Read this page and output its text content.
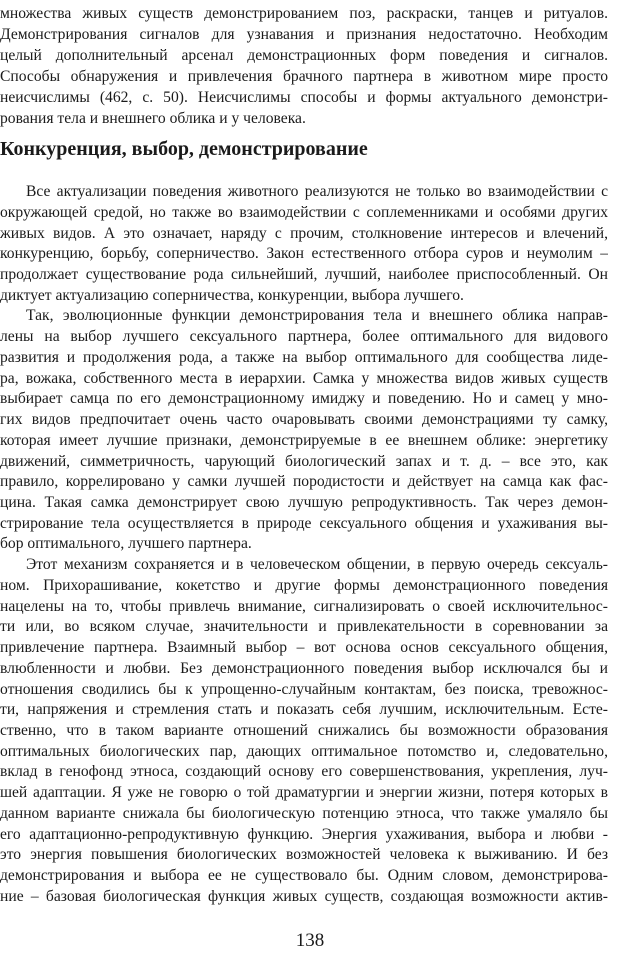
множества живых существ демонстрированием поз, раскраски, танцев и ритуалов.
Демонстрирования сигналов для узнавания и признания недостаточно. Необходим
целый дополнительный арсенал демонстрационных форм поведения и сигналов.
Способы обнаружения и привлечения брачного партнера в животном мире просто
неисчислимы (462, с. 50). Неисчислимы способы и формы актуального демонстри-
рования тела и внешнего облика и у человека.
Конкуренция, выбор, демонстрирование
Все актуализации поведения животного реализуются не только во взаимодействии с
окружающей средой, но также во взаимодействии с соплеменниками и особями других
живых видов. А это означает, наряду с прочим, столкновение интересов и влечений,
конкуренцию, борьбу, соперничество. Закон естественного отбора суров и неумолим –
продолжает существование рода сильнейший, лучший, наиболее приспособленный. Он
диктует актуализацию соперничества, конкуренции, выбора лучшего.
Так, эволюционные функции демонстрирования тела и внешнего облика направ-
лены на выбор лучшего сексуального партнера, более оптимального для видового
развития и продолжения рода, а также на выбор оптимального для сообщества лиде-
ра, вожака, собственного места в иерархии. Самка у множества видов живых существ
выбирает самца по его демонстрационному имиджу и поведению. Но и самец у мно-
гих видов предпочитает очень часто очаровывать своими демонстрациями ту самку,
которая имеет лучшие признаки, демонстрируемые в ее внешнем облике: энергетику
движений, симметричность, чарующий биологический запах и т. д. – все это, как
правило, коррелировано у самки лучшей породистости и действует на самца как фас-
цина. Такая самка демонстрирует свою лучшую репродуктивность. Так через демон-
стрирование тела осуществляется в природе сексуального общения и ухаживания вы-
бор оптимального, лучшего партнера.
Этот механизм сохраняется и в человеческом общении, в первую очередь сексуаль-
ном. Прихорашивание, кокетство и другие формы демонстрационного поведения
нацелены на то, чтобы привлечь внимание, сигнализировать о своей исключительнос-
ти или, во всяком случае, значительности и привлекательности в соревновании за
привлечение партнера. Взаимный выбор – вот основа основ сексуального общения,
влюбленности и любви. Без демонстрационного поведения выбор исключался бы и
отношения сводились бы к упрощенно-случайным контактам, без поиска, тревожнос-
ти, напряжения и стремления стать и показать себя лучшим, исключительным. Есте-
ственно, что в таком варианте отношений снижались бы возможности образования
оптимальных биологических пар, дающих оптимальное потомство и, следовательно,
вклад в генофонд этноса, создающий основу его совершенствования, укрепления, луч-
шей адаптации. Я уже не говорю о той драматургии и энергии жизни, потеря которых в
данном варианте снижала бы биологическую потенцию этноса, что также умаляло бы
его адаптационно-репродуктивную функцию. Энергия ухаживания, выбора и любви -
это энергия повышения биологических возможностей человека к выживанию. И без
демонстрирования и выбора ее не существовало бы. Одним словом, демонстрирова-
ние – базовая биологическая функция живых существ, создающая возможности актив-
138
